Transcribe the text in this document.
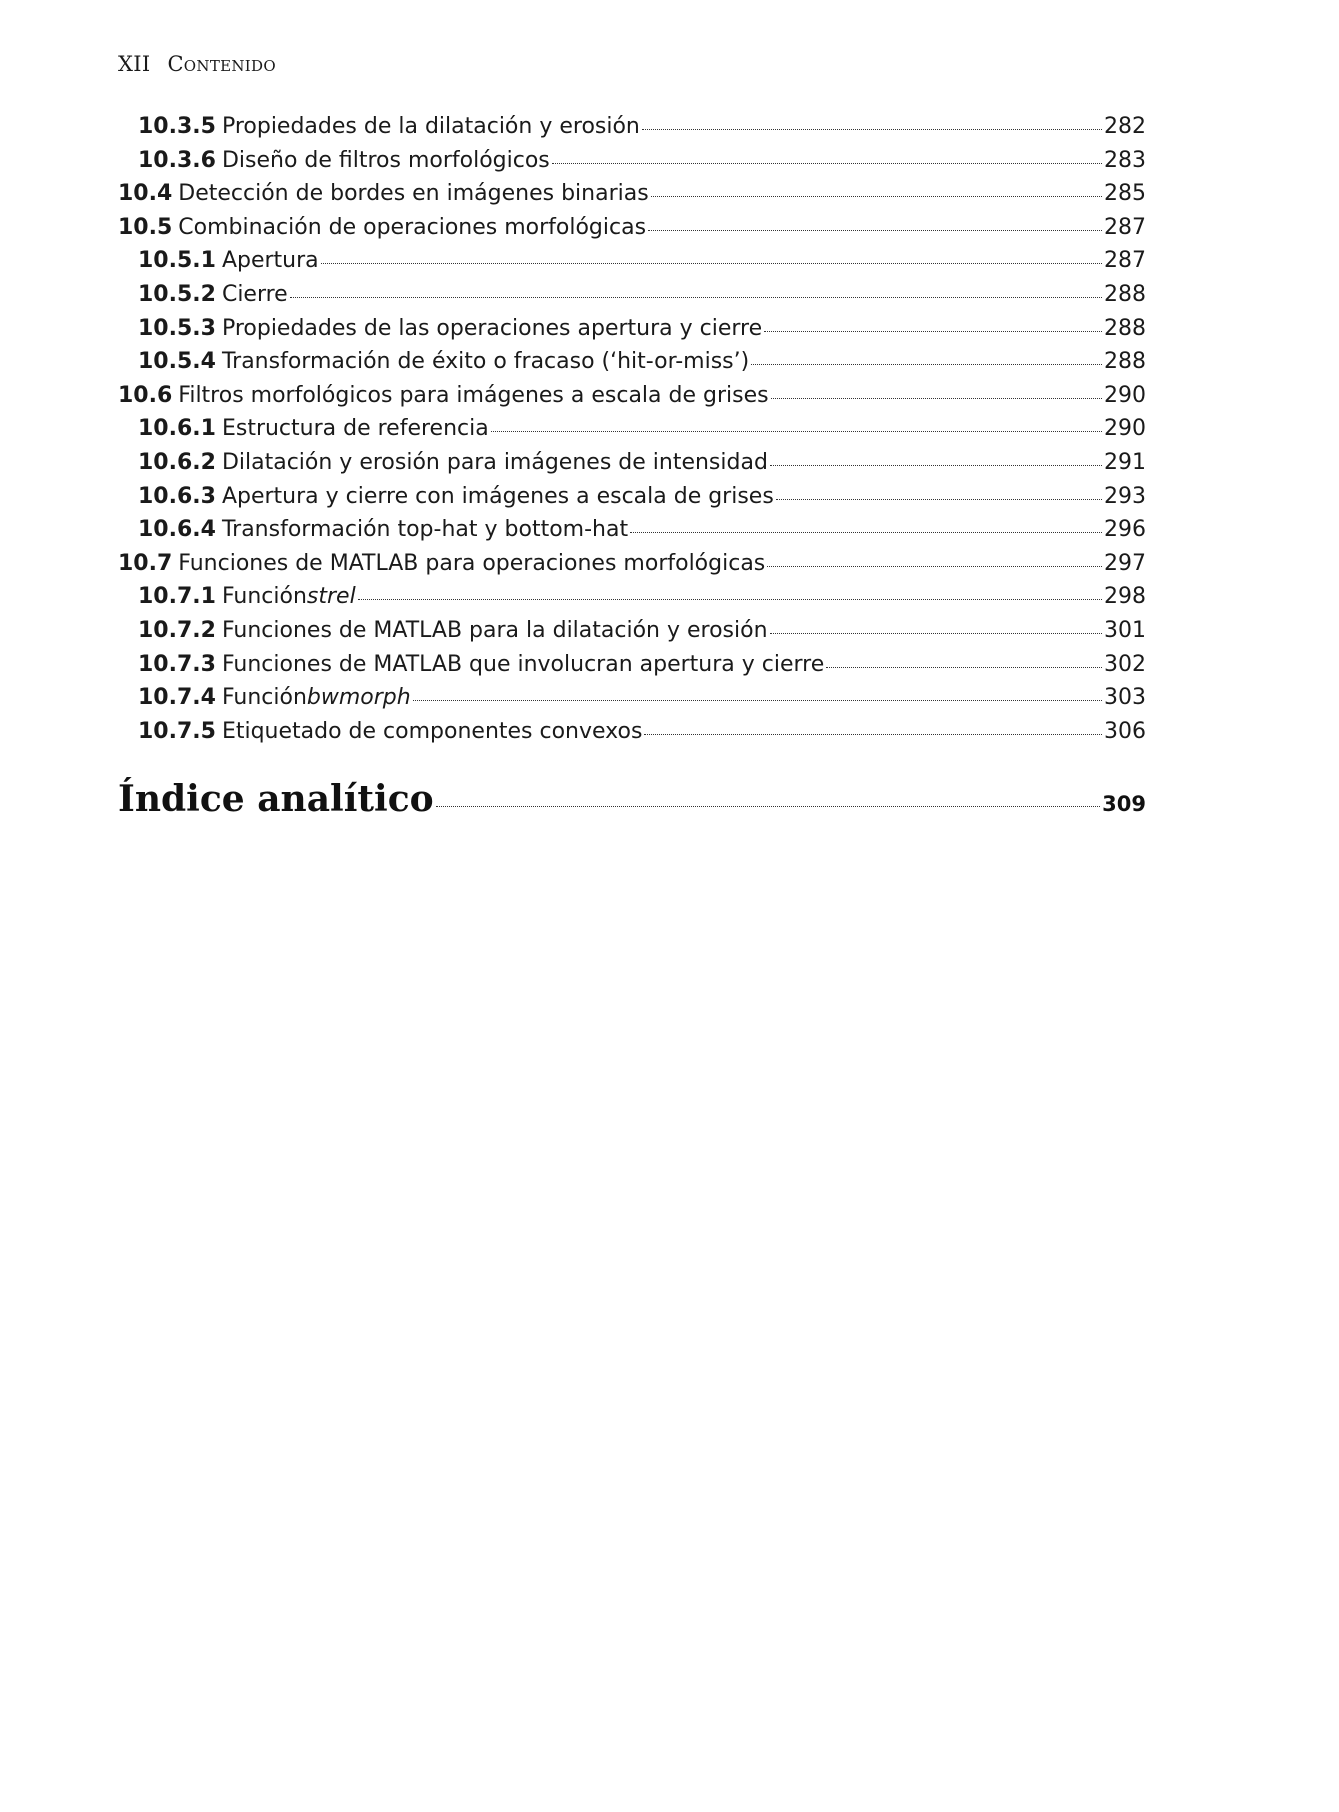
XII Contenido
10.3.5 Propiedades de la dilatación y erosión	282
10.3.6 Diseño de filtros morfológicos	283
10.4 Detección de bordes en imágenes binarias	285
10.5 Combinación de operaciones morfológicas	287
10.5.1 Apertura	287
10.5.2 Cierre	288
10.5.3 Propiedades de las operaciones apertura y cierre	288
10.5.4 Transformación de éxito o fracaso (‘hit-or-miss’)	288
10.6 Filtros morfológicos para imágenes a escala de grises	290
10.6.1 Estructura de referencia	290
10.6.2 Dilatación y erosión para imágenes de intensidad	291
10.6.3 Apertura y cierre con imágenes a escala de grises	293
10.6.4 Transformación top-hat y bottom-hat	296
10.7 Funciones de MATLAB para operaciones morfológicas	297
10.7.1 Función strel	298
10.7.2 Funciones de MATLAB para la dilatación y erosión	301
10.7.3 Funciones de MATLAB que involucran apertura y cierre	302
10.7.4 Función bwmorph	303
10.7.5 Etiquetado de componentes convexos	306
Índice analítico	309
